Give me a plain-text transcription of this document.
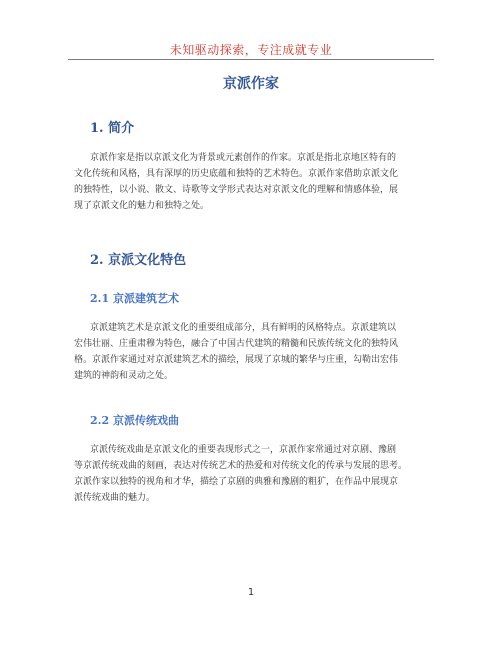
未知驱动探索，专注成就专业
京派作家
1. 简介
京派作家是指以京派文化为背景或元素创作的作家。京派是指北京地区特有的
文化传统和风格，具有深厚的历史底蕴和独特的艺术特色。京派作家借助京派文化
的独特性，以小说、散文、诗歌等文学形式表达对京派文化的理解和情感体验，展
现了京派文化的魅力和独特之处。
2. 京派文化特色
2.1 京派建筑艺术
京派建筑艺术是京派文化的重要组成部分，具有鲜明的风格特点。京派建筑以
宏伟壮丽、庄重肃穆为特色，融合了中国古代建筑的精髓和民族传统文化的独特风
格。京派作家通过对京派建筑艺术的描绘，展现了京城的繁华与庄重，勾勒出宏伟
建筑的神韵和灵动之处。
2.2 京派传统戏曲
京派传统戏曲是京派文化的重要表现形式之一，京派作家常通过对京剧、豫剧
等京派传统戏曲的刻画，表达对传统艺术的热爱和对传统文化的传承与发展的思考。
京派作家以独特的视角和才华，描绘了京剧的典雅和豫剧的粗犷，在作品中展现京
派传统戏曲的魅力。
1
